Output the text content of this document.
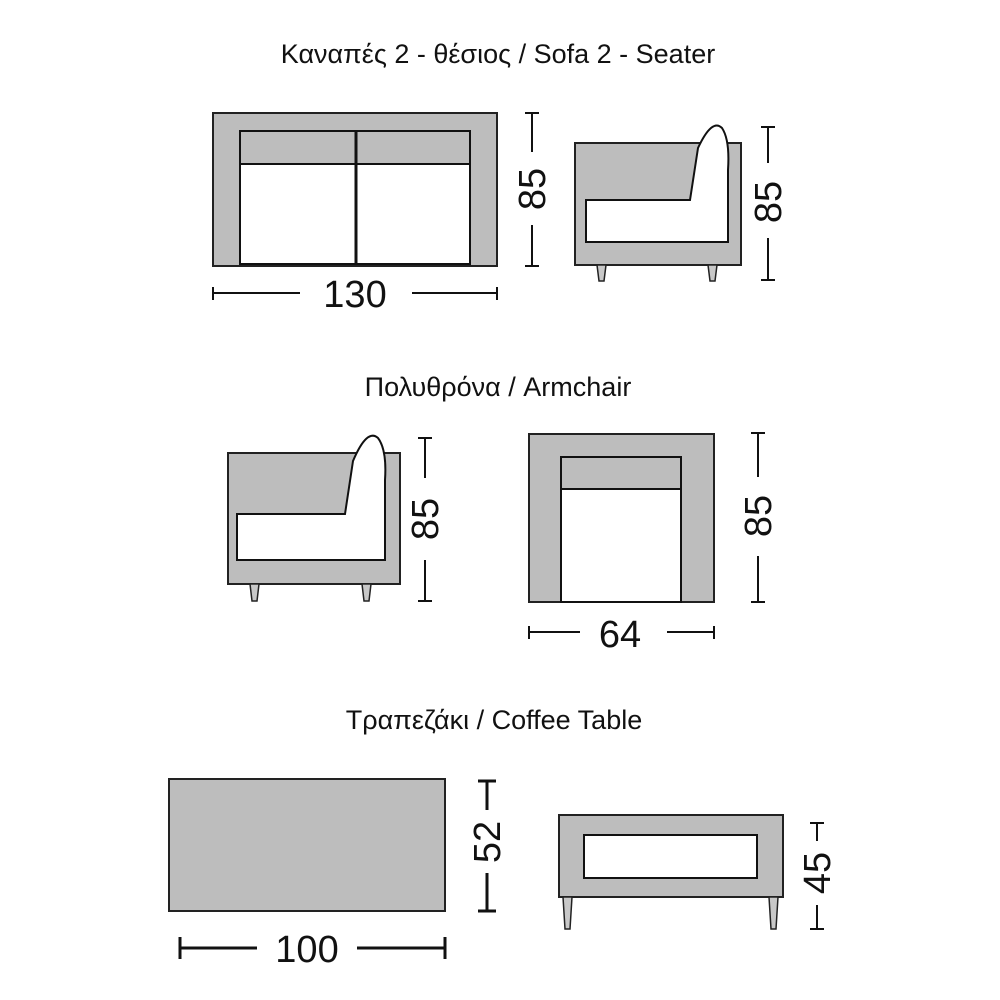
Καναπές 2 - θέσιος / Sofa 2 - Seater
130
85	85
Πολυθρόνα / Armchair
85	85
64
Τραπεζάκι / Coffee Table
100
52
45
